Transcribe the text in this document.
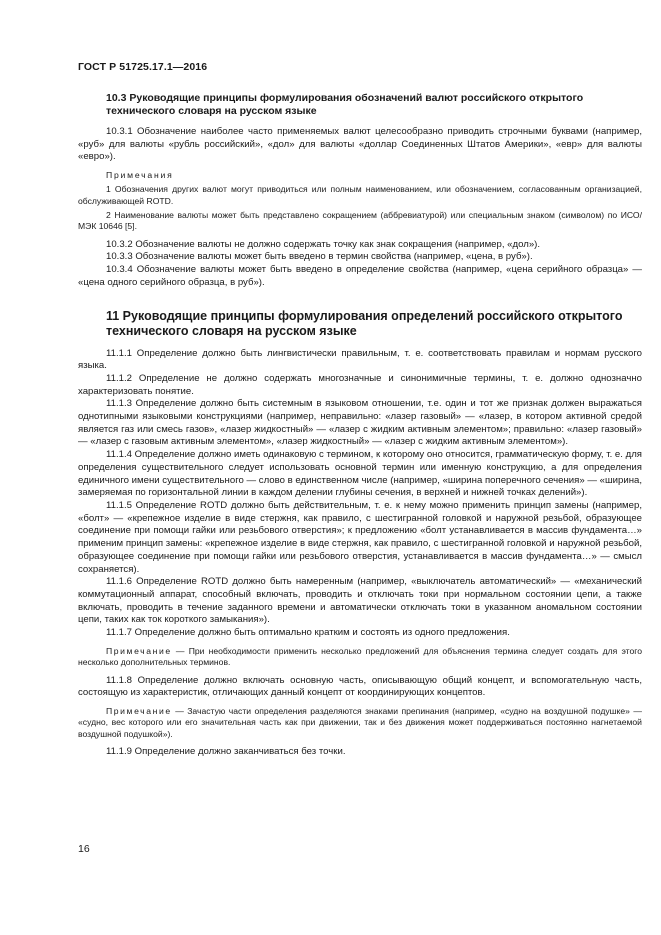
ГОСТ Р 51725.17.1—2016
10.3 Руководящие принципы формулирования обозначений валют российского открытого технического словаря на русском языке

10.3.1 Обозначение наиболее часто применяемых валют целесообразно приводить строчными буквами (например, «руб» для валюты «рубль российский», «дол» для валюты «доллар Соединенных Штатов Америки», «евр» для валюты «евро»).

Примечания

1 Обозначения других валют могут приводиться или полным наименованием, или обозначением, согласованным организацией, обслуживающей ROTD.

2 Наименование валюты может быть представлено сокращением (аббревиатурой) или специальным знаком (символом) по ИСО/МЭК 10646 [5].

10.3.2 Обозначение валюты не должно содержать точку как знак сокращения (например, «дол»).

10.3.3 Обозначение валюты может быть введено в термин свойства (например, «цена, в руб»).

10.3.4 Обозначение валюты может быть введено в определение свойства (например, «цена серийного образца» — «цена одного серийного образца, в руб»).

11 Руководящие принципы формулирования определений российского открытого технического словаря на русском языке

11.1.1 Определение должно быть лингвистически правильным, т. е. соответствовать правилам и нормам русского языка.

11.1.2 Определение не должно содержать многозначные и синонимичные термины, т. е. должно однозначно характеризовать понятие.

11.1.3 Определение должно быть системным в языковом отношении, т.е. один и тот же признак должен выражаться однотипными языковыми конструкциями (например, неправильно: «лазер газовый» — «лазер, в котором активной средой является газ или смесь газов», «лазер жидкостный» — «лазер с жидким активным элементом»; правильно: «лазер газовый» — «лазер с газовым активным элементом», «лазер жидкостный» — «лазер с жидким активным элементом»).

11.1.4 Определение должно иметь одинаковую с термином, к которому оно относится, грамматическую форму, т. е. для определения существительного следует использовать основной термин или именную конструкцию, а для определения единичного имени существительного — слово в единственном числе (например, «ширина поперечного сечения» — «ширина, замеряемая по горизонтальной линии в каждом делении глубины сечения, в верхней и нижней точках делений»).

11.1.5 Определение ROTD должно быть действительным, т. е. к нему можно применить принцип замены (например, «болт» — «крепежное изделие в виде стержня, как правило, с шестигранной головкой и наружной резьбой, образующее соединение при помощи гайки или резьбового отверстия»; к предложению «болт устанавливается в массив фундамента…» применим принцип замены: «крепежное изделие в виде стержня, как правило, с шестигранной головкой и наружной резьбой, образующее соединение при помощи гайки или резьбового отверстия, устанавливается в массив фундамента…» — смысл сохраняется).

11.1.6 Определение ROTD должно быть намеренным (например, «выключатель автоматический» — «механический коммутационный аппарат, способный включать, проводить и отключать токи при нормальном состоянии цепи, а также включать, проводить в течение заданного времени и автоматически отключать токи в указанном аномальном состоянии цепи, таких как ток короткого замыкания»).

11.1.7 Определение должно быть оптимально кратким и состоять из одного предложения.

Примечание — При необходимости применить несколько предложений для объяснения термина следует создать для этого несколько дополнительных терминов.

11.1.8 Определение должно включать основную часть, описывающую общий концепт, и вспомогательную часть, состоящую из характеристик, отличающих данный концепт от координирующих концептов.

Примечание — Зачастую части определения разделяются знаками препинания (например, «судно на воздушной подушке» — «судно, вес которого или его значительная часть как при движении, так и без движения может поддерживаться постоянно нагнетаемой воздушной подушкой»).

11.1.9 Определение должно заканчиваться без точки.

16
